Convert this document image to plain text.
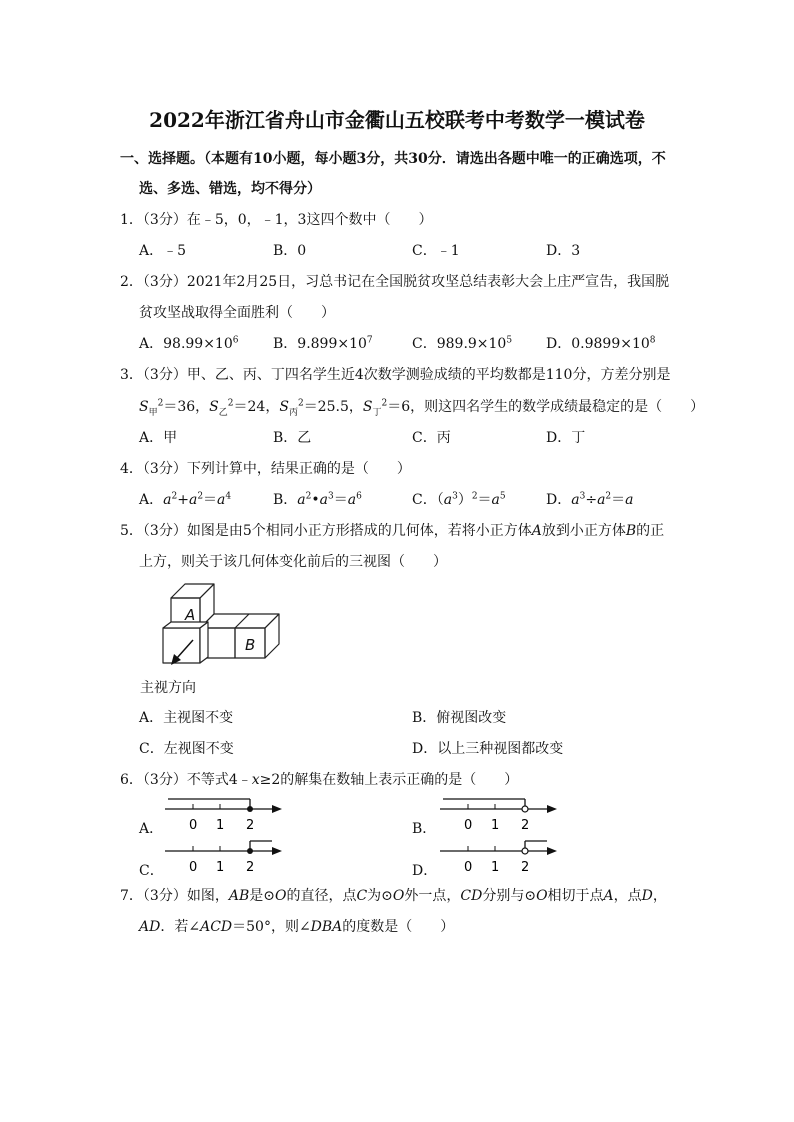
2022年浙江省舟山市金衢山五校联考中考数学一模试卷
一、选择题。（本题有10小题，每小题3分，共30分．请选出各题中唯一的正确选项，不
选、多选、错选，均不得分）
1．（3分）在﹣5，0，﹣1，3这四个数中（　　）
A．﹣5	B．0	C．﹣1	D．3
2．（3分）2021年2月25日，习总书记在全国脱贫攻坚总结表彰大会上庄严宣告，我国脱
贫攻坚战取得全面胜利（　　）
A．$98.99\times 10^6$ B．$9.899\times 10^7$	C．$989.9\times 10^5$ D．$0.9899\times 10^8$
3．（3分）甲、乙、丙、丁四名学生近4次数学测验成绩的平均数都是110分，方差分别是
$S_甲^2=36$，$S_乙^2=24$，$S_丙^2=25.5$，$S_丁^2=6$，则这四名学生的数学成绩最稳定的是（　　）
A．甲	B．乙	C．丙	D．丁
4．（3分）下列计算中，结果正确的是（　　）
A．$a^2+a^2=a^4$	B．$a^2•a^3=a^6$	C．$(a^3)^2=a^5$	D．$a^3\div a^2=a$
5．（3分）如图是由5个相同小正方形搭成的几何体，若将小正方体A放到小正方体B的正
上方，则关于该几何体变化前后的三视图（　　）
A
B
主视方向
A．主视图不变	B．俯视图改变
C．左视图不变	D．以上三种视图都改变
6．（3分）不等式4﹣x≥2的解集在数轴上表示正确的是（　　）
A．	B．
C．	D．
0 1 2	0 1 2
0 1 2	0 1 2
7．（3分）如图，AB是⊙O的直径，点C为⊙O外一点，CD分别与⊙O相切于点A，点D，
AD．若∠ACD＝50°，则∠DBA的度数是（　　）
